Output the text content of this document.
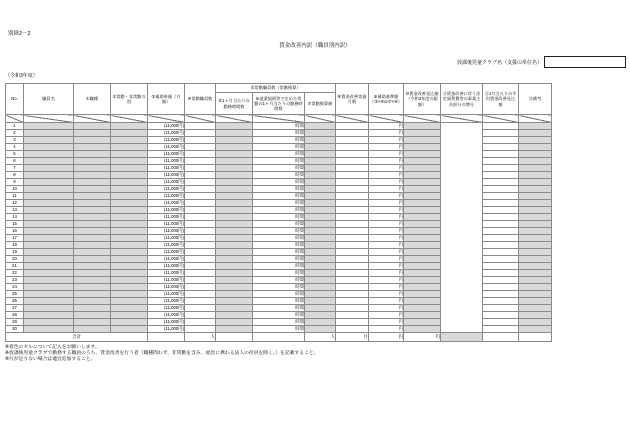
別紙2－2
賃金改善内訳（職員別内訳）
放課後児童クラブ名（支援の単位名）
（令和3年度）
No.	職員名	①職種	②常勤・非常勤の別	③補助単価（月額）	④常勤職員数	非常勤職員数（常勤換算）			⑧賃金改善実施月数	⑨補助基準額（③×④or⑦×⑧）	⑩賃金改善見込額（令和3年度の総額）	⑪賃金改善に伴う法定福利費等の事業主負担分の増分	⑫1月当たりの平均賃金改善見込額	⑬備考
						⑤1ヶ月当たりの勤務時間数	⑥就業規則等で定めた常勤の1ヶ月当たりの勤務時間数	⑦常勤換算値						

1				(11,000円)			時間			円				
2				(11,000円)			時間			円				
3				(11,000円)			時間			円				
4				(11,000円)			時間			円				
5				(11,000円)			時間			円				
6				(11,000円)			時間			円				
7				(11,000円)			時間			円				
8				(11,000円)			時間			円				
9				(11,000円)			時間			円				
10				(11,000円)			時間			円				
11				(11,000円)			時間			円				
12				(11,000円)			時間			円				
13				(11,000円)			時間			円				
14				(11,000円)			時間			円				
15				(11,000円)			時間			円				
16				(11,000円)			時間			円				
17				(11,000円)			時間			円				
18				(11,000円)			時間			円				
19				(11,000円)			時間			円				
20				(11,000円)			時間			円				
21				(11,000円)			時間			円				
22				(11,000円)			時間			円				
23				(11,000円)			時間			円				
24				(11,000円)			時間			円				
25				(11,000円)			時間			円				
26				(11,000円)			時間			円				
27				(11,000円)			時間			円				
28				(11,000円)			時間			円				
29				(11,000円)			時間			円				
30				(11,000円)			時間			円				
合計					人			人	月	円	円			
※着色のセルについて記入をお願いします。
※放課後児童クラブで勤務する職員のうち、賃金改善を行う者（職種問わず、非常勤を含み、経営に携わる法人の役員を除く。）を記載すること。
※行が足りない場合は適宜追加すること。
